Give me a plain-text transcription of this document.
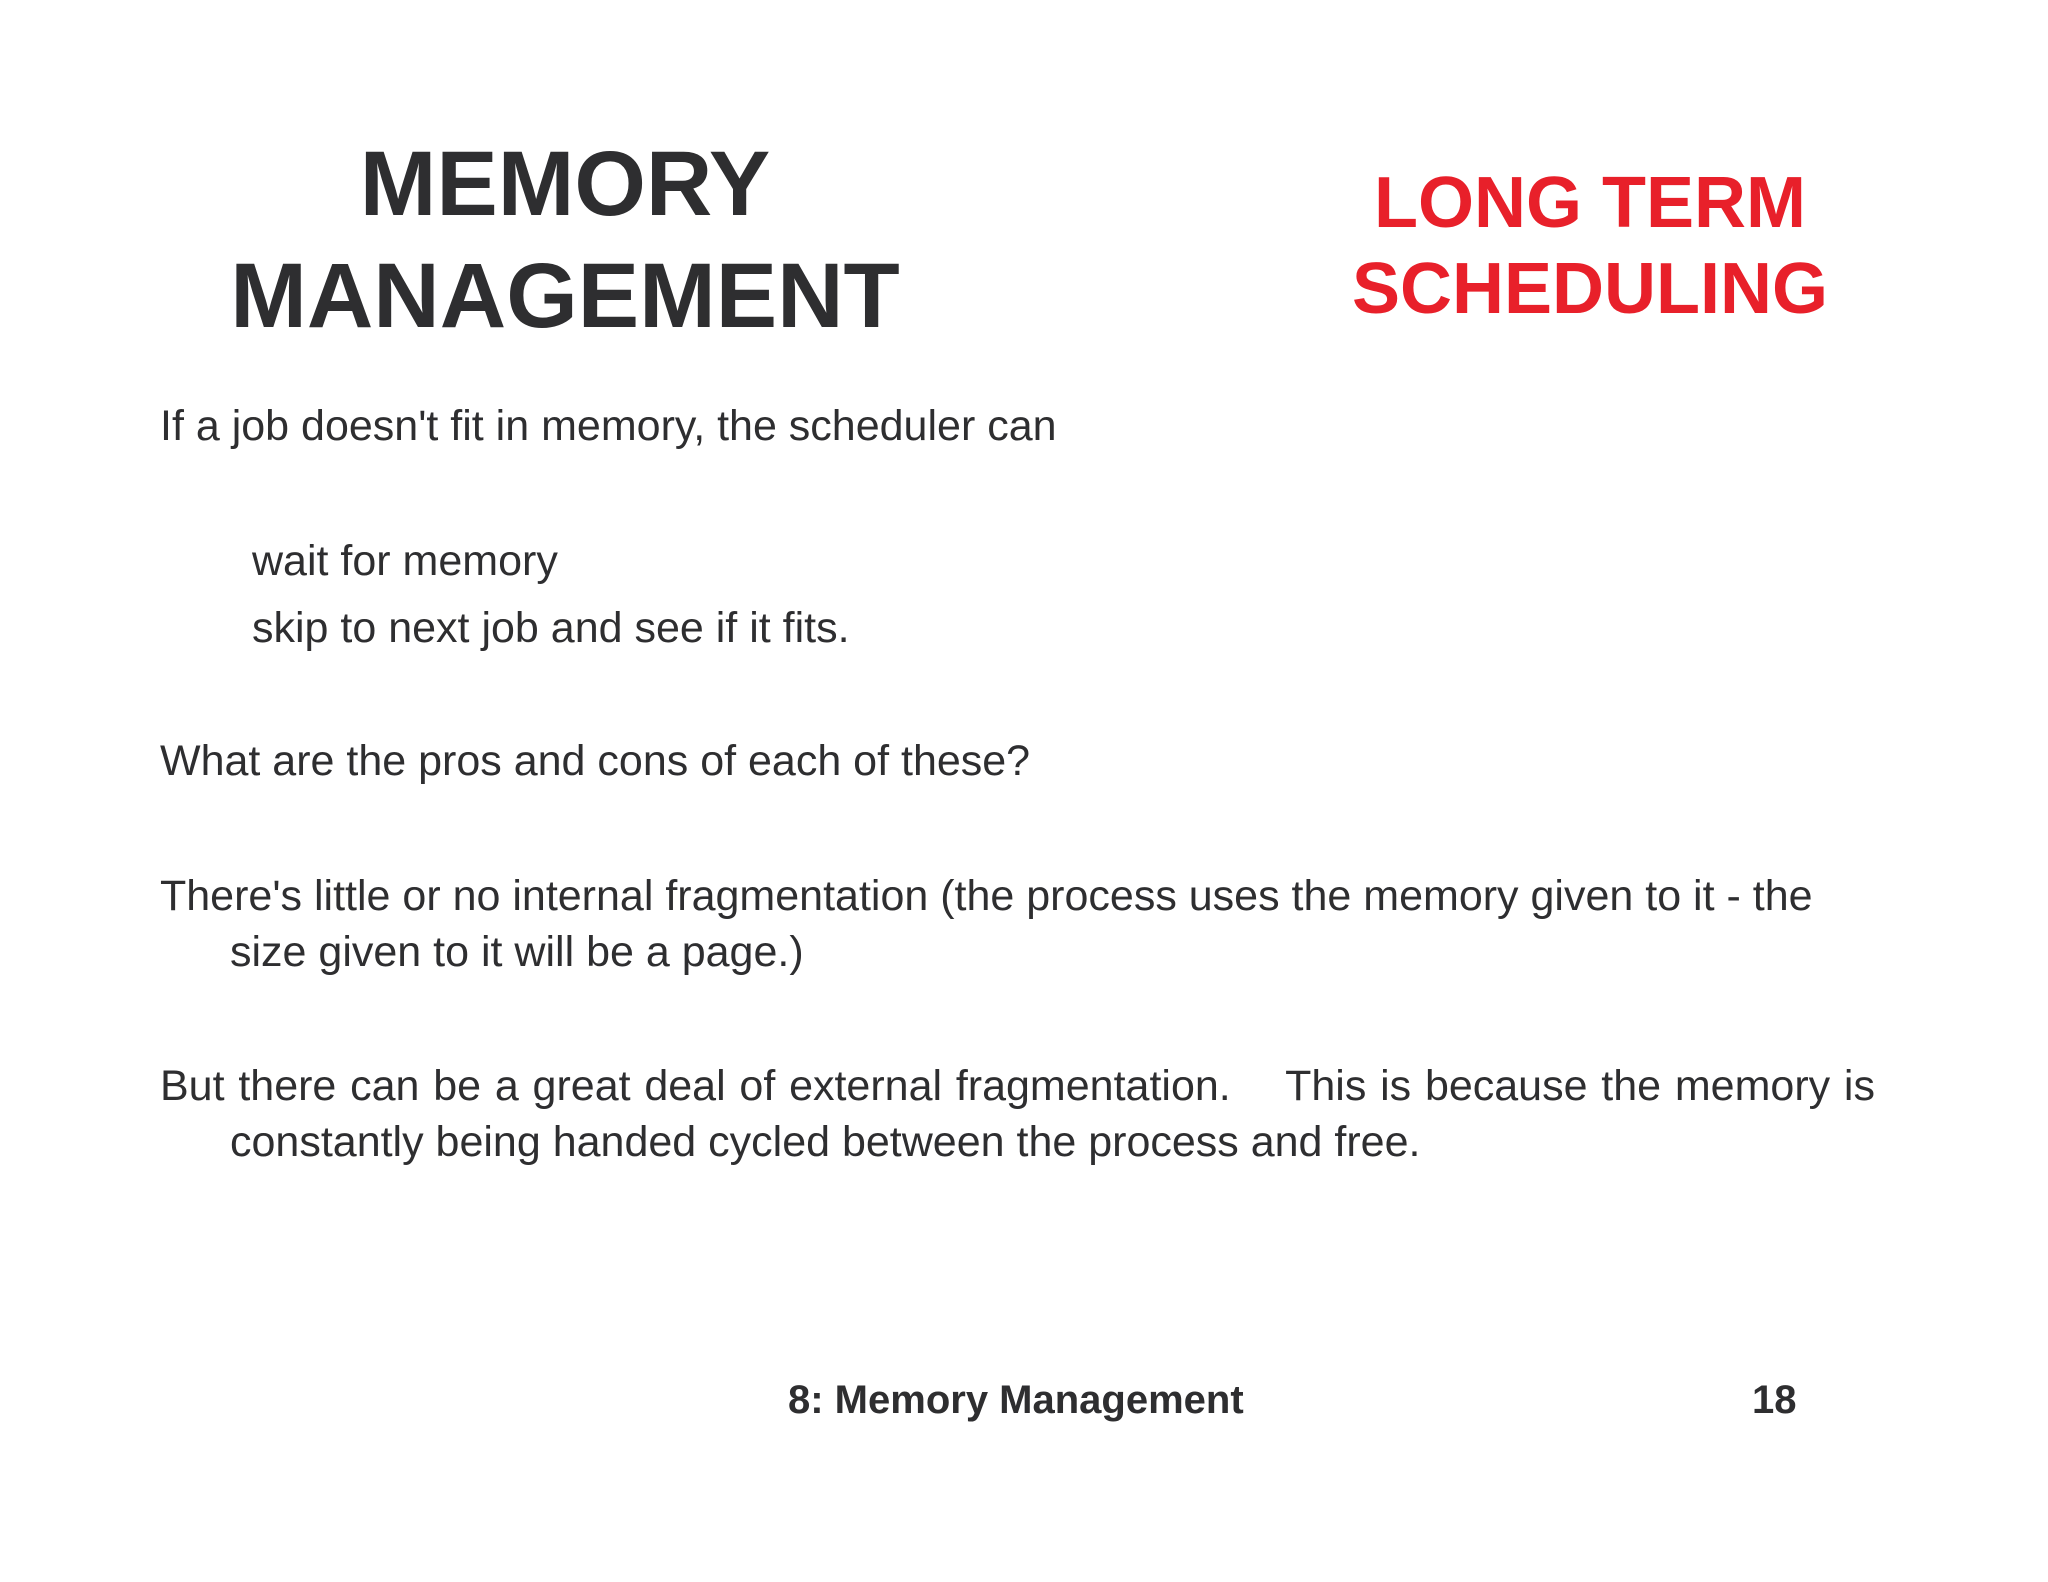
MEMORY
MANAGEMENT
LONG TERM
SCHEDULING

If a job doesn't fit in memory, the scheduler can

wait for memory

skip to next job and see if it fits.

What are the pros and cons of each of these?

There's little or no internal fragmentation (the process uses the memory given to it - the size given to it will be a page.)

But there can be a great deal of external fragmentation.    This is because the memory is constantly being handed cycled between the process and free.

8: Memory Management	18
